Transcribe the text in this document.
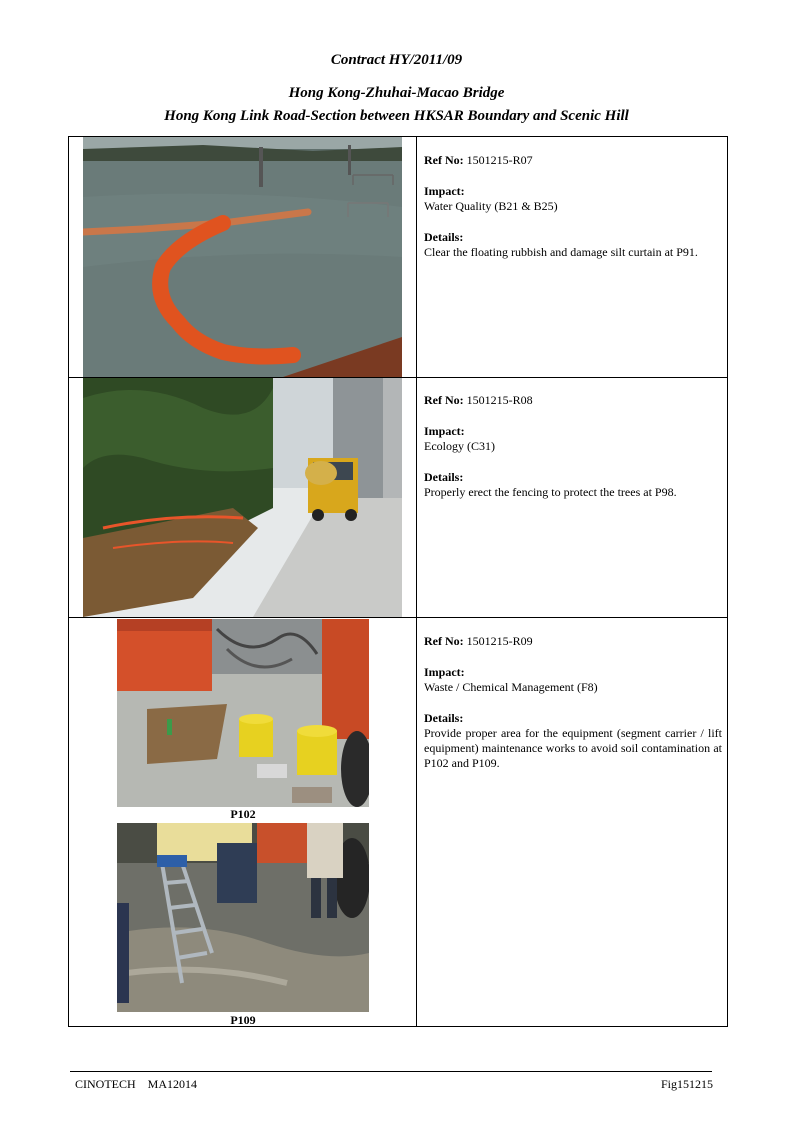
Contract HY/2011/09
Hong Kong-Zhuhai-Macao Bridge
Hong Kong Link Road-Section between HKSAR Boundary and Scenic Hill
P102
P109
Ref No: 1501215-R07
Impact:
Water Quality (B21 & B25)
Details:
Clear the floating rubbish and damage silt curtain at P91.
Ref No: 1501215-R08
Impact:
Ecology (C31)
Details:
Properly erect the fencing to protect the trees at P98.
Ref No: 1501215-R09
Impact:
Waste / Chemical Management (F8)
Details:
Provide proper area for the equipment (segment carrier / lift equipment) maintenance works to avoid soil contamination at P102 and P109.
CINOTECH    MA12014	Fig151215
